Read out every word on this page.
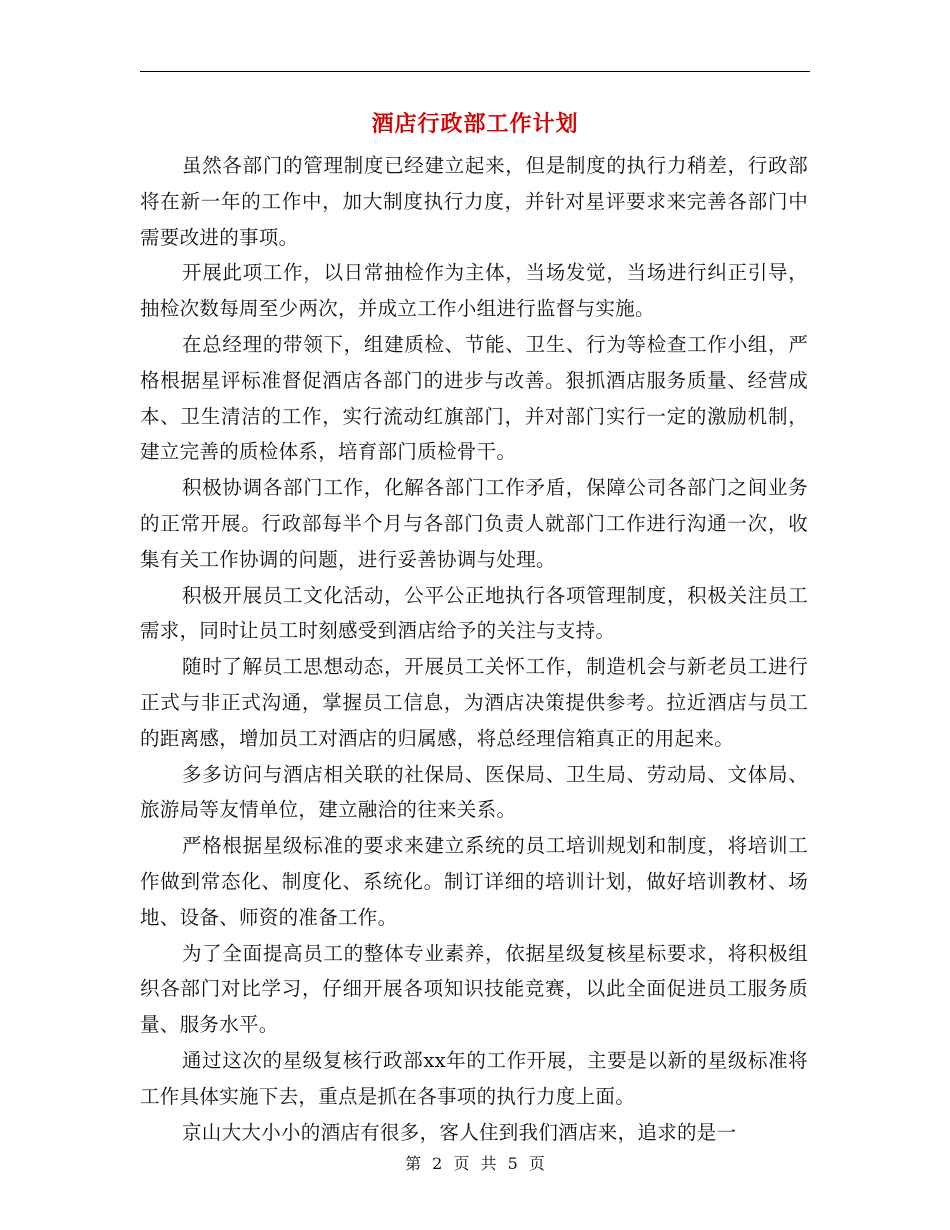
酒店行政部工作计划

虽然各部门的管理制度已经建立起来，但是制度的执行力稍差，行政部将在新一年的工作中，加大制度执行力度，并针对星评要求来完善各部门中需要改进的事项。

开展此项工作，以日常抽检作为主体，当场发觉，当场进行纠正引导，抽检次数每周至少两次，并成立工作小组进行监督与实施。

在总经理的带领下，组建质检、节能、卫生、行为等检查工作小组，严格根据星评标准督促酒店各部门的进步与改善。狠抓酒店服务质量、经营成本、卫生清洁的工作，实行流动红旗部门，并对部门实行一定的激励机制，建立完善的质检体系，培育部门质检骨干。

积极协调各部门工作，化解各部门工作矛盾，保障公司各部门之间业务的正常开展。行政部每半个月与各部门负责人就部门工作进行沟通一次，收集有关工作协调的问题，进行妥善协调与处理。

积极开展员工文化活动，公平公正地执行各项管理制度，积极关注员工需求，同时让员工时刻感受到酒店给予的关注与支持。

随时了解员工思想动态，开展员工关怀工作，制造机会与新老员工进行正式与非正式沟通，掌握员工信息，为酒店决策提供参考。拉近酒店与员工的距离感，增加员工对酒店的归属感，将总经理信箱真正的用起来。

多多访问与酒店相关联的社保局、医保局、卫生局、劳动局、文体局、旅游局等友情单位，建立融洽的往来关系。

严格根据星级标准的要求来建立系统的员工培训规划和制度，将培训工作做到常态化、制度化、系统化。制订详细的培训计划，做好培训教材、场地、设备、师资的准备工作。

为了全面提高员工的整体专业素养，依据星级复核星标要求，将积极组织各部门对比学习，仔细开展各项知识技能竞赛，以此全面促进员工服务质量、服务水平。

通过这次的星级复核行政部xx年的工作开展，主要是以新的星级标准将工作具体实施下去，重点是抓在各事项的执行力度上面。

京山大大小小的酒店有很多，客人住到我们酒店来，追求的是一

第 2 页 共 5 页
